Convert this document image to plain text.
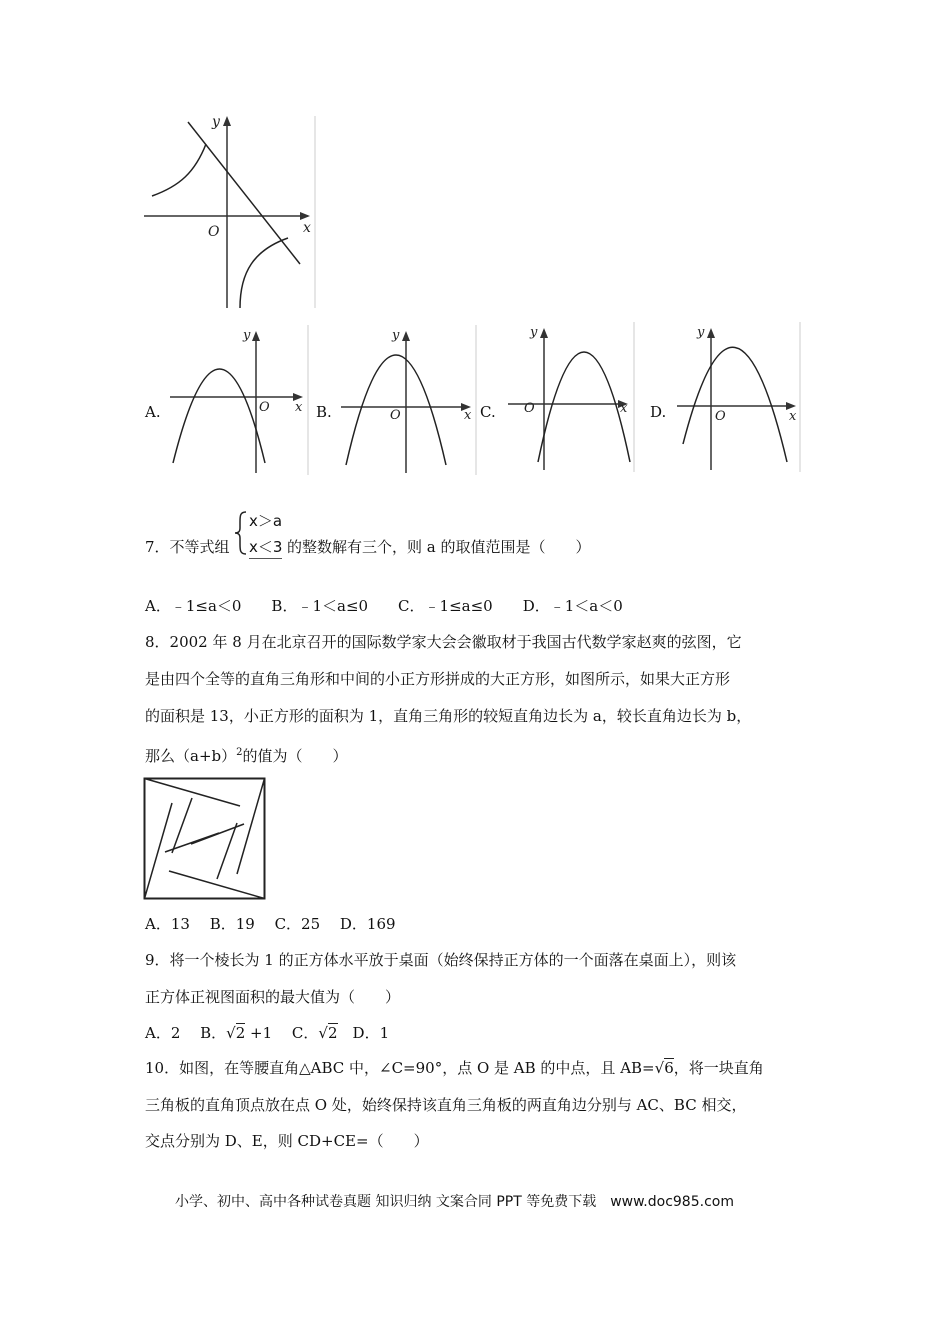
y
x
O
A.
y
x
O	B.
y
x
O	C.
y
x
O	D.
y
x
O
7．不等式组
x＞a
x＜3 的整数解有三个，则 a 的取值范围是（　　）
A．﹣1≤a＜0　　B．﹣1＜a≤0　　C．﹣1≤a≤0　　D．﹣1＜a＜0
8．2002 年 8 月在北京召开的国际数学家大会会徽取材于我国古代数学家赵爽的弦图，它
是由四个全等的直角三角形和中间的小正方形拼成的大正方形，如图所示，如果大正方形
的面积是 13，小正方形的面积为 1，直角三角形的较短直角边长为 a，较长直角边长为 b，
那么$(a+b)^2$的值为（　　）
A．13　 B．19　 C．25　 D．169
9．将一个棱长为 1 的正方体水平放于桌面（始终保持正方体的一个面落在桌面上），则该
正方体正视图面积的最大值为（　　）
A．2　 B．√2 +1　 C．√2　 D．1
10．如图，在等腰直角△ABC 中，∠C=90°，点 O 是 AB 的中点，且 AB=√6，将一块直角
三角板的直角顶点放在点 O 处，始终保持该直角三角板的两直角边分别与 AC、BC 相交，
交点分别为 D、E，则 CD+CE=（　　）
小学、初中、高中各种试卷真题 知识归纳 文案合同 PPT 等免费下载　www.doc985.com
